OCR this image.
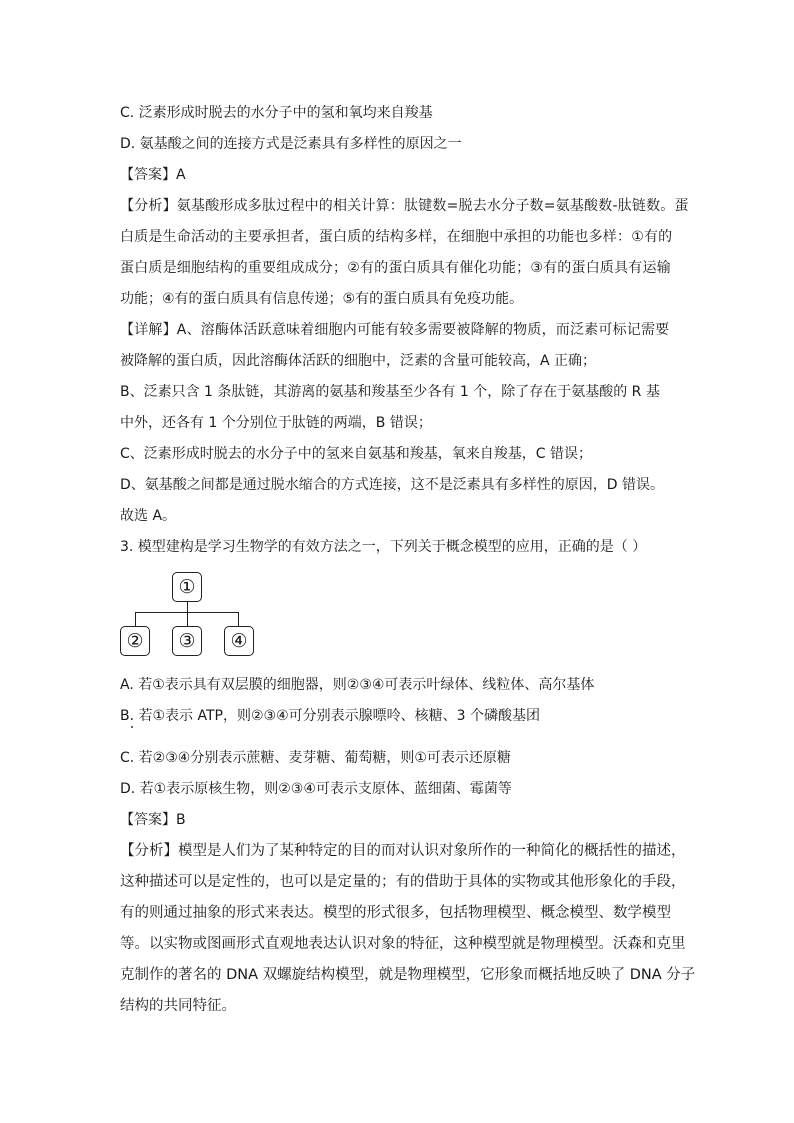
C. 泛素形成时脱去的水分子中的氢和氧均来自羧基
D. 氨基酸之间的连接方式是泛素具有多样性的原因之一
【答案】A
【分析】氨基酸形成多肽过程中的相关计算：肽键数=脱去水分子数=氨基酸数-肽链数。蛋
白质是生命活动的主要承担者，蛋白质的结构多样，在细胞中承担的功能也多样：①有的
蛋白质是细胞结构的重要组成成分；②有的蛋白质具有催化功能；③有的蛋白质具有运输
功能；④有的蛋白质具有信息传递；⑤有的蛋白质具有免疫功能。
【详解】A、溶酶体活跃意味着细胞内可能有较多需要被降解的物质，而泛素可标记需要
被降解的蛋白质，因此溶酶体活跃的细胞中，泛素的含量可能较高，A 正确；
B、泛素只含 1 条肽链，其游离的氨基和羧基至少各有 1 个，除了存在于氨基酸的 R 基
中外，还各有 1 个分别位于肽链的两端，B 错误；
C、泛素形成时脱去的水分子中的氢来自氨基和羧基，氧来自羧基，C 错误；
D、氨基酸之间都是通过脱水缩合的方式连接，这不是泛素具有多样性的原因，D 错误。
故选 A。
3. 模型建构是学习生物学的有效方法之一，下列关于概念模型的应用，正确的是（ ）
①
②	③	④
A. 若①表示具有双层膜的细胞器，则②③④可表示叶绿体、线粒体、高尔基体
B. 若①表示 ATP，则②③④可分别表示腺嘌呤、核糖、3 个磷酸基团
C. 若②③④分别表示蔗糖、麦芽糖、葡萄糖，则①可表示还原糖
D. 若①表示原核生物，则②③④可表示支原体、蓝细菌、霉菌等
【答案】B
【分析】模型是人们为了某种特定的目的而对认识对象所作的一种简化的概括性的描述，
这种描述可以是定性的，也可以是定量的；有的借助于具体的实物或其他形象化的手段，
有的则通过抽象的形式来表达。模型的形式很多，包括物理模型、概念模型、数学模型
等。以实物或图画形式直观地表达认识对象的特征，这种模型就是物理模型。沃森和克里
克制作的著名的 DNA 双螺旋结构模型，就是物理模型，它形象而概括地反映了 DNA 分子
结构的共同特征。
